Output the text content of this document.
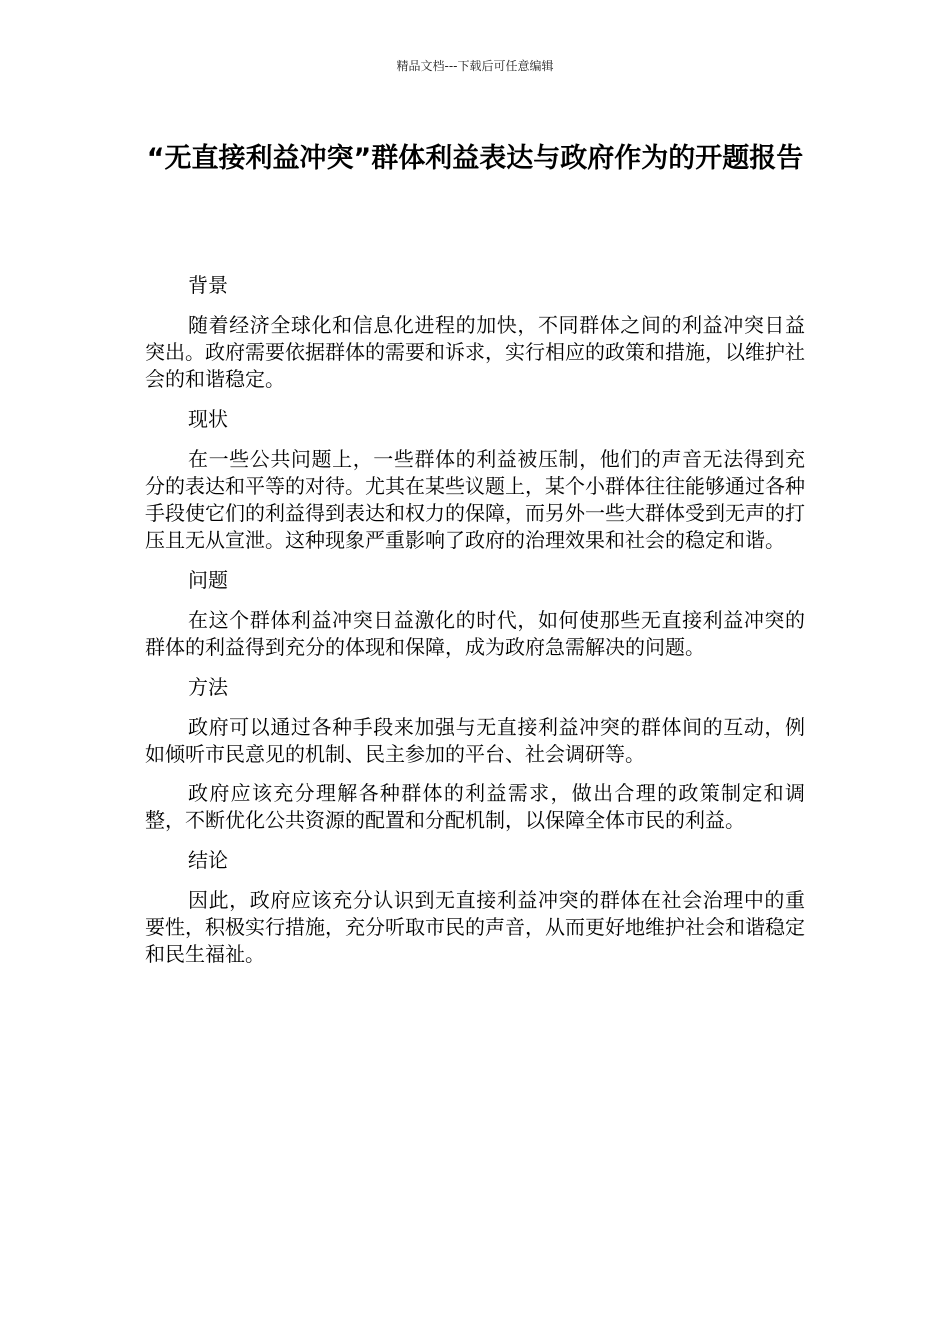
精品文档---下载后可任意编辑
“无直接利益冲突”群体利益表达与政府作为的开题报告

背景

随着经济全球化和信息化进程的加快，不同群体之间的利益冲突日益突出。政府需要依据群体的需要和诉求，实行相应的政策和措施，以维护社会的和谐稳定。

现状

在一些公共问题上，一些群体的利益被压制，他们的声音无法得到充分的表达和平等的对待。尤其在某些议题上，某个小群体往往能够通过各种手段使它们的利益得到表达和权力的保障，而另外一些大群体受到无声的打压且无从宣泄。这种现象严重影响了政府的治理效果和社会的稳定和谐。

问题

在这个群体利益冲突日益激化的时代，如何使那些无直接利益冲突的群体的利益得到充分的体现和保障，成为政府急需解决的问题。

方法

政府可以通过各种手段来加强与无直接利益冲突的群体间的互动，例如倾听市民意见的机制、民主参加的平台、社会调研等。

政府应该充分理解各种群体的利益需求，做出合理的政策制定和调整，不断优化公共资源的配置和分配机制，以保障全体市民的利益。

结论

因此，政府应该充分认识到无直接利益冲突的群体在社会治理中的重要性，积极实行措施，充分听取市民的声音，从而更好地维护社会和谐稳定和民生福祉。
